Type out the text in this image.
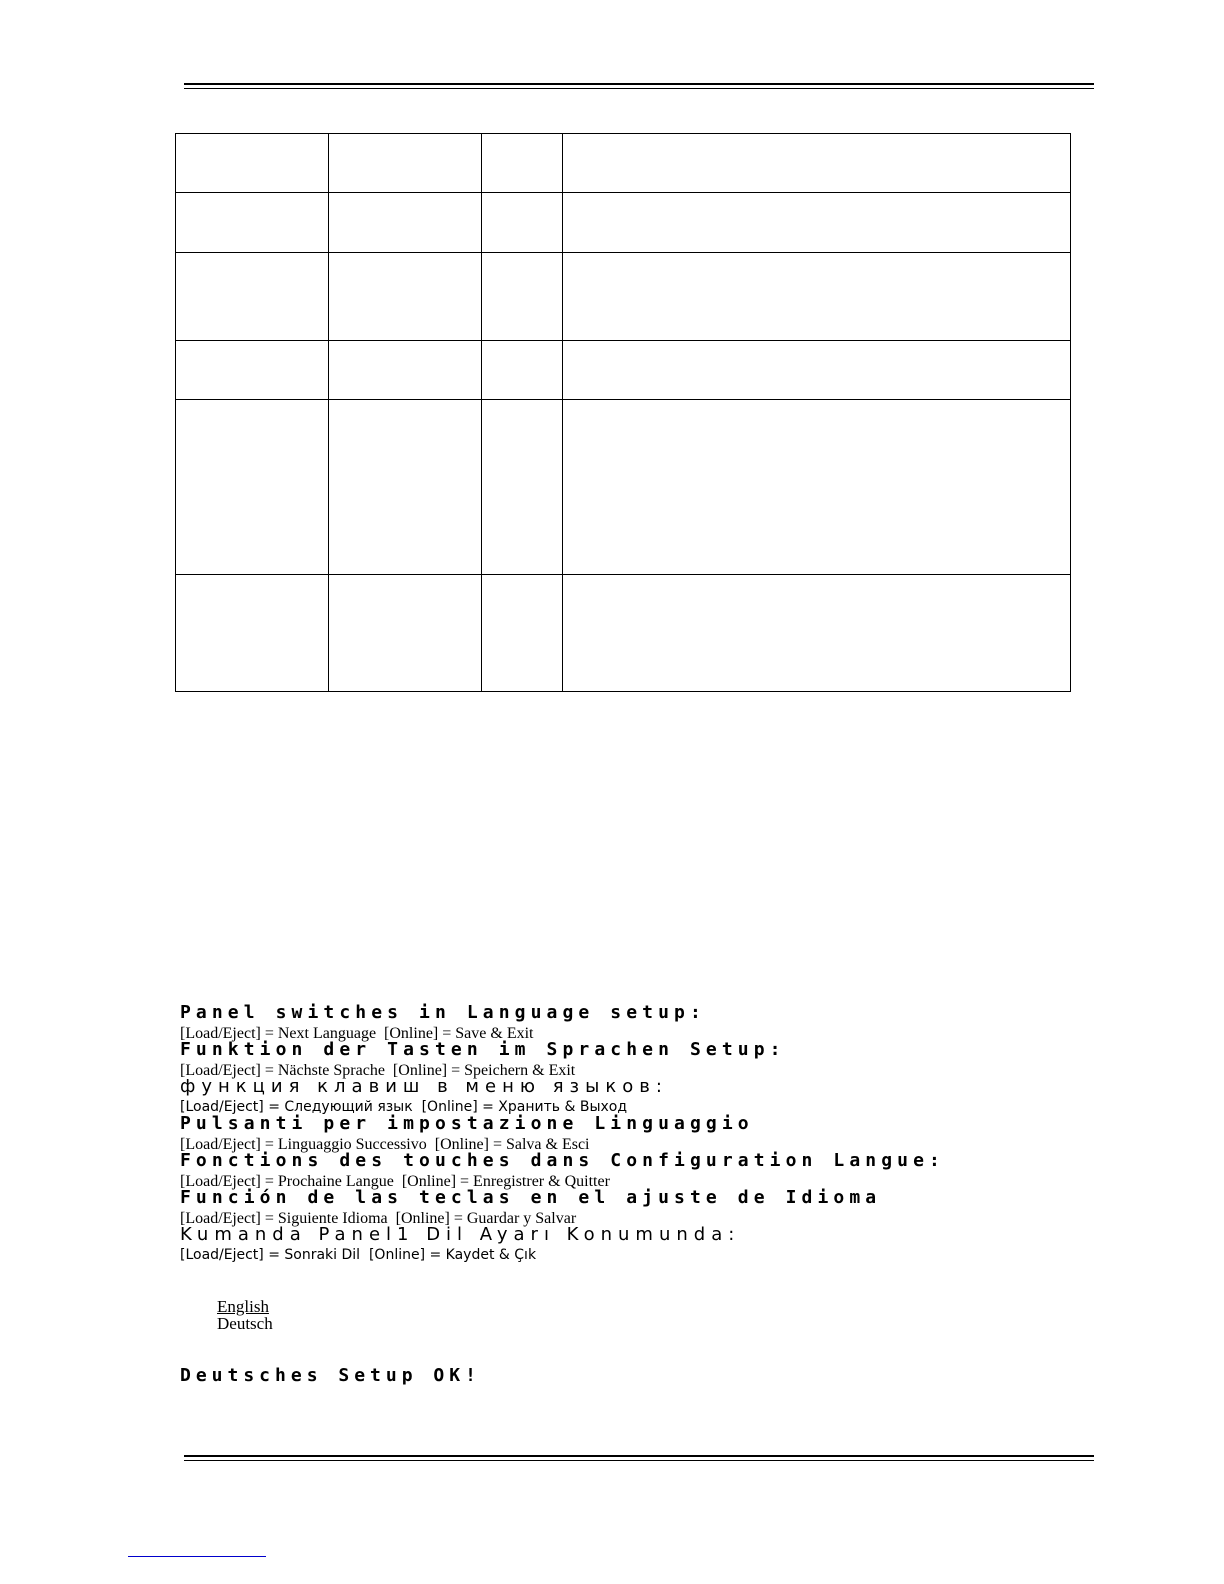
Panel switches in Language setup:
[Load/Eject] = Next Language  [Online] = Save & Exit
Funktion der Tasten im Sprachen Setup:
[Load/Eject] = Nächste Sprache  [Online] = Speichern & Exit
функция клавиш в меню языков:
[Load/Eject] = Следующий язык  [Online] = Хранить & Выход
Pulsanti per impostazione Linguaggio
[Load/Eject] = Linguaggio Successivo  [Online] = Salva & Esci
Fonctions des touches dans Configuration Langue:
[Load/Eject] = Prochaine Langue  [Online] = Enregistrer & Quitter
Función de las teclas en el ajuste de Idioma
[Load/Eject] = Siguiente Idioma  [Online] = Guardar y Salvar
Kumanda Panel1 Dil Ayarı Konumunda:
[Load/Eject] = Sonraki Dil  [Online] = Kaydet & Çık

English
Deutsch

Deutsches Setup OK!
